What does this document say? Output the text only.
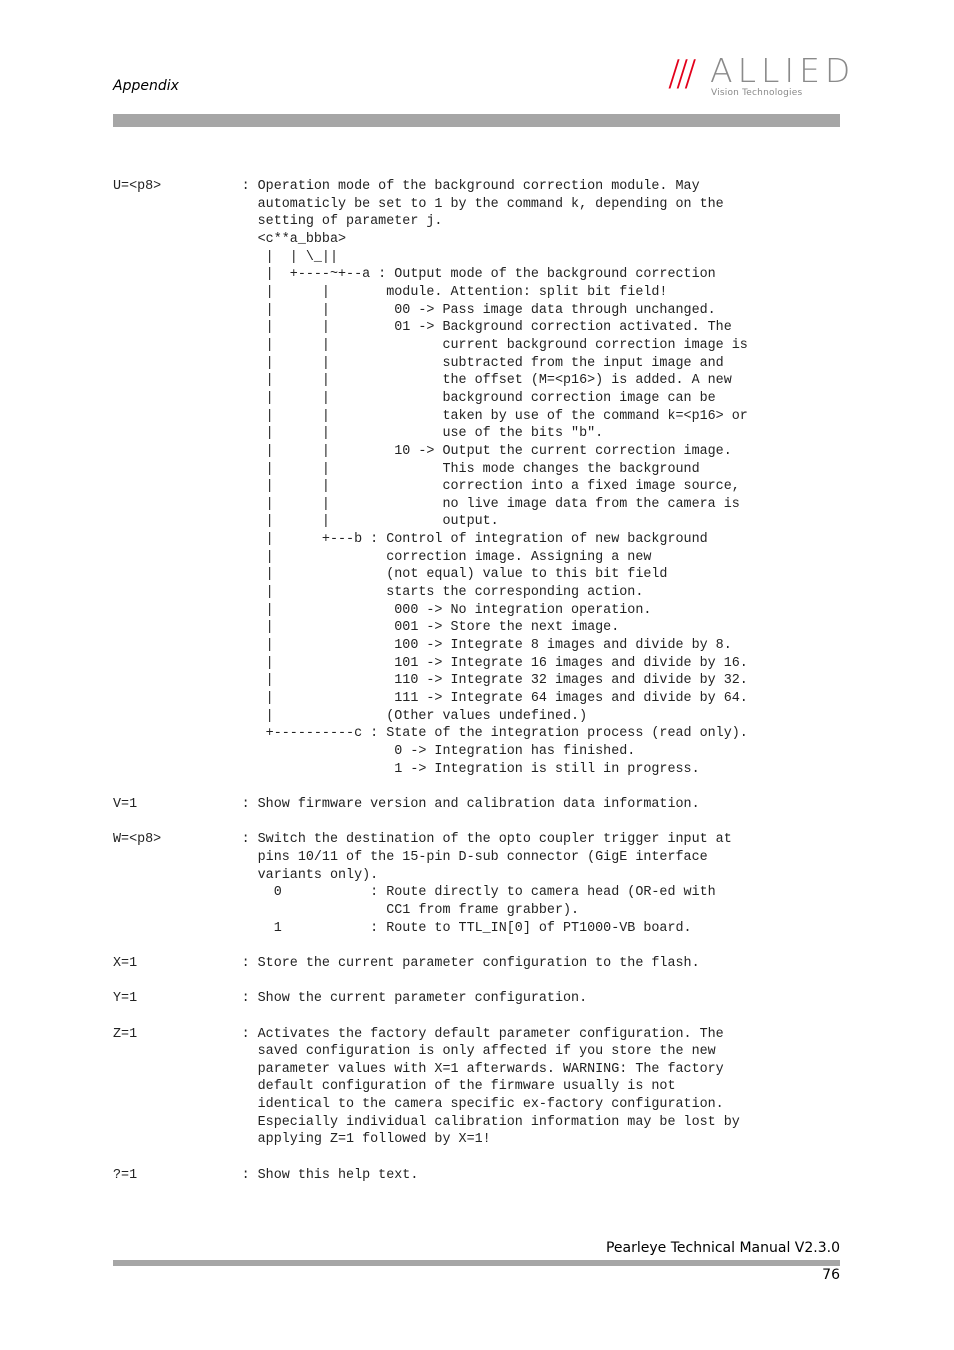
Appendix	/// ALLIED
Vision Technologies
U=<p8>          : Operation mode of the background correction module. May
automaticly be set to 1 by the command k, depending on the
setting of parameter j.
<c**a_bbba>
|  | \_||
|  +----~+--a : Output mode of the background correction
|      |       module. Attention: split bit field!
|      |        00 -> Pass image data through unchanged.
|      |        01 -> Background correction activated. The
|      |              current background correction image is
|      |              subtracted from the input image and
|      |              the offset (M=<p16>) is added. A new
|      |              background correction image can be
|      |              taken by use of the command k=<p16> or
|      |              use of the bits "b".
|      |        10 -> Output the current correction image.
|      |              This mode changes the background
|      |              correction into a fixed image source,
|      |              no live image data from the camera is
|      |              output.
|      +---b : Control of integration of new background
|              correction image. Assigning a new
|              (not equal) value to this bit field
|              starts the corresponding action.
|               000 -> No integration operation.
|               001 -> Store the next image.
|               100 -> Integrate 8 images and divide by 8.
|               101 -> Integrate 16 images and divide by 16.
|               110 -> Integrate 32 images and divide by 32.
|               111 -> Integrate 64 images and divide by 64.
|              (Other values undefined.)
+----------c : State of the integration process (read only).
0 -> Integration has finished.
1 -> Integration is still in progress.

V=1             : Show firmware version and calibration data information.

W=<p8>          : Switch the destination of the opto coupler trigger input at
pins 10/11 of the 15-pin D-sub connector (GigE interface
variants only).
0           : Route directly to camera head (OR-ed with
CC1 from frame grabber).
1           : Route to TTL_IN[0] of PT1000-VB board.

X=1             : Store the current parameter configuration to the flash.

Y=1             : Show the current parameter configuration.

Z=1             : Activates the factory default parameter configuration. The
saved configuration is only affected if you store the new
parameter values with X=1 afterwards. WARNING: The factory
default configuration of the firmware usually is not
identical to the camera specific ex-factory configuration.
Especially individual calibration information may be lost by
applying Z=1 followed by X=1!

?=1             : Show this help text.
Pearleye Technical Manual V2.3.0
76
